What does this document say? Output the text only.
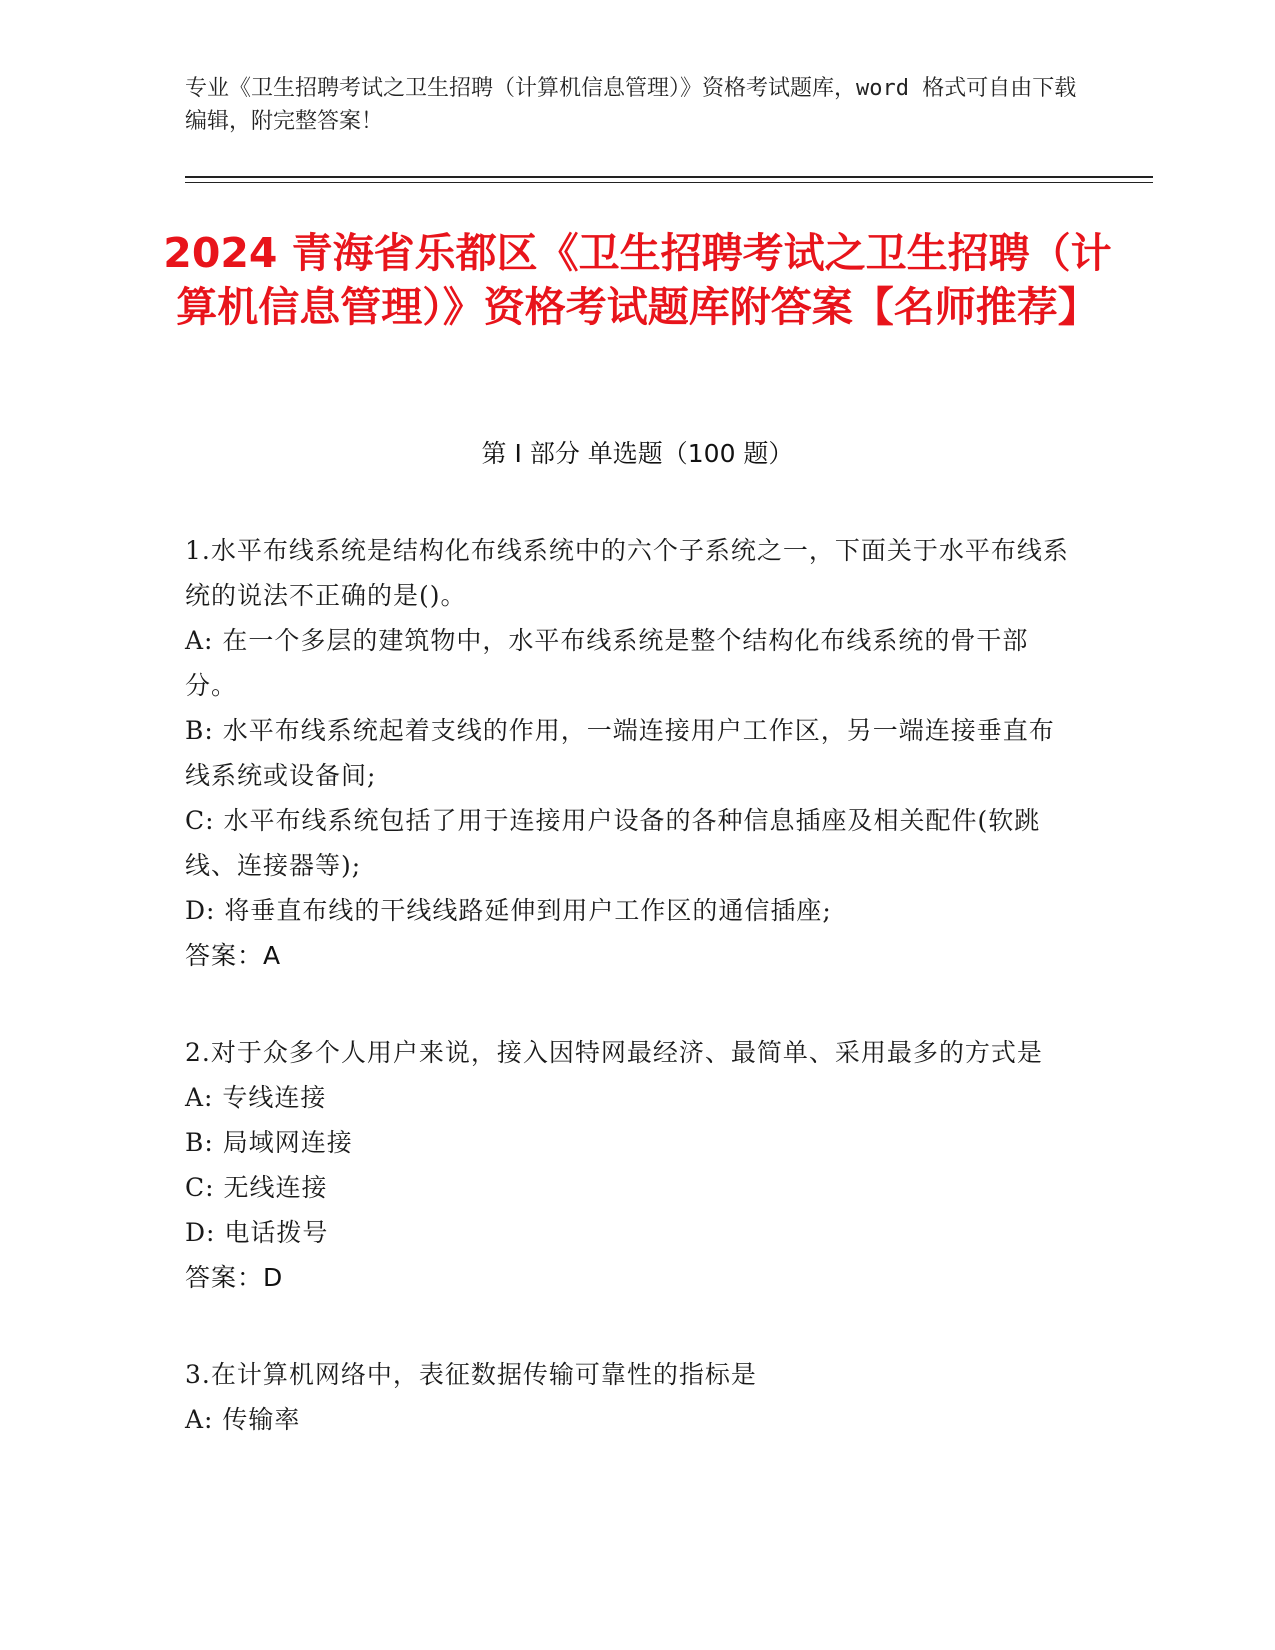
专业《卫生招聘考试之卫生招聘（计算机信息管理）》资格考试题库，word 格式可自由下载编辑，附完整答案！
2024 青海省乐都区《卫生招聘考试之卫生招聘（计算机信息管理）》资格考试题库附答案【名师推荐】
第 I 部分 单选题（100 题）

1.水平布线系统是结构化布线系统中的六个子系统之一，下面关于水平布线系统的说法不正确的是()。

A: 在一个多层的建筑物中，水平布线系统是整个结构化布线系统的骨干部分。

B: 水平布线系统起着支线的作用，一端连接用户工作区，另一端连接垂直布线系统或设备间;

C: 水平布线系统包括了用于连接用户设备的各种信息插座及相关配件(软跳线、连接器等);

D: 将垂直布线的干线线路延伸到用户工作区的通信插座;

答案：A

2.对于众多个人用户来说，接入因特网最经济、最简单、采用最多的方式是

A: 专线连接

B: 局域网连接

C: 无线连接

D: 电话拨号

答案：D

3.在计算机网络中，表征数据传输可靠性的指标是

A: 传输率
